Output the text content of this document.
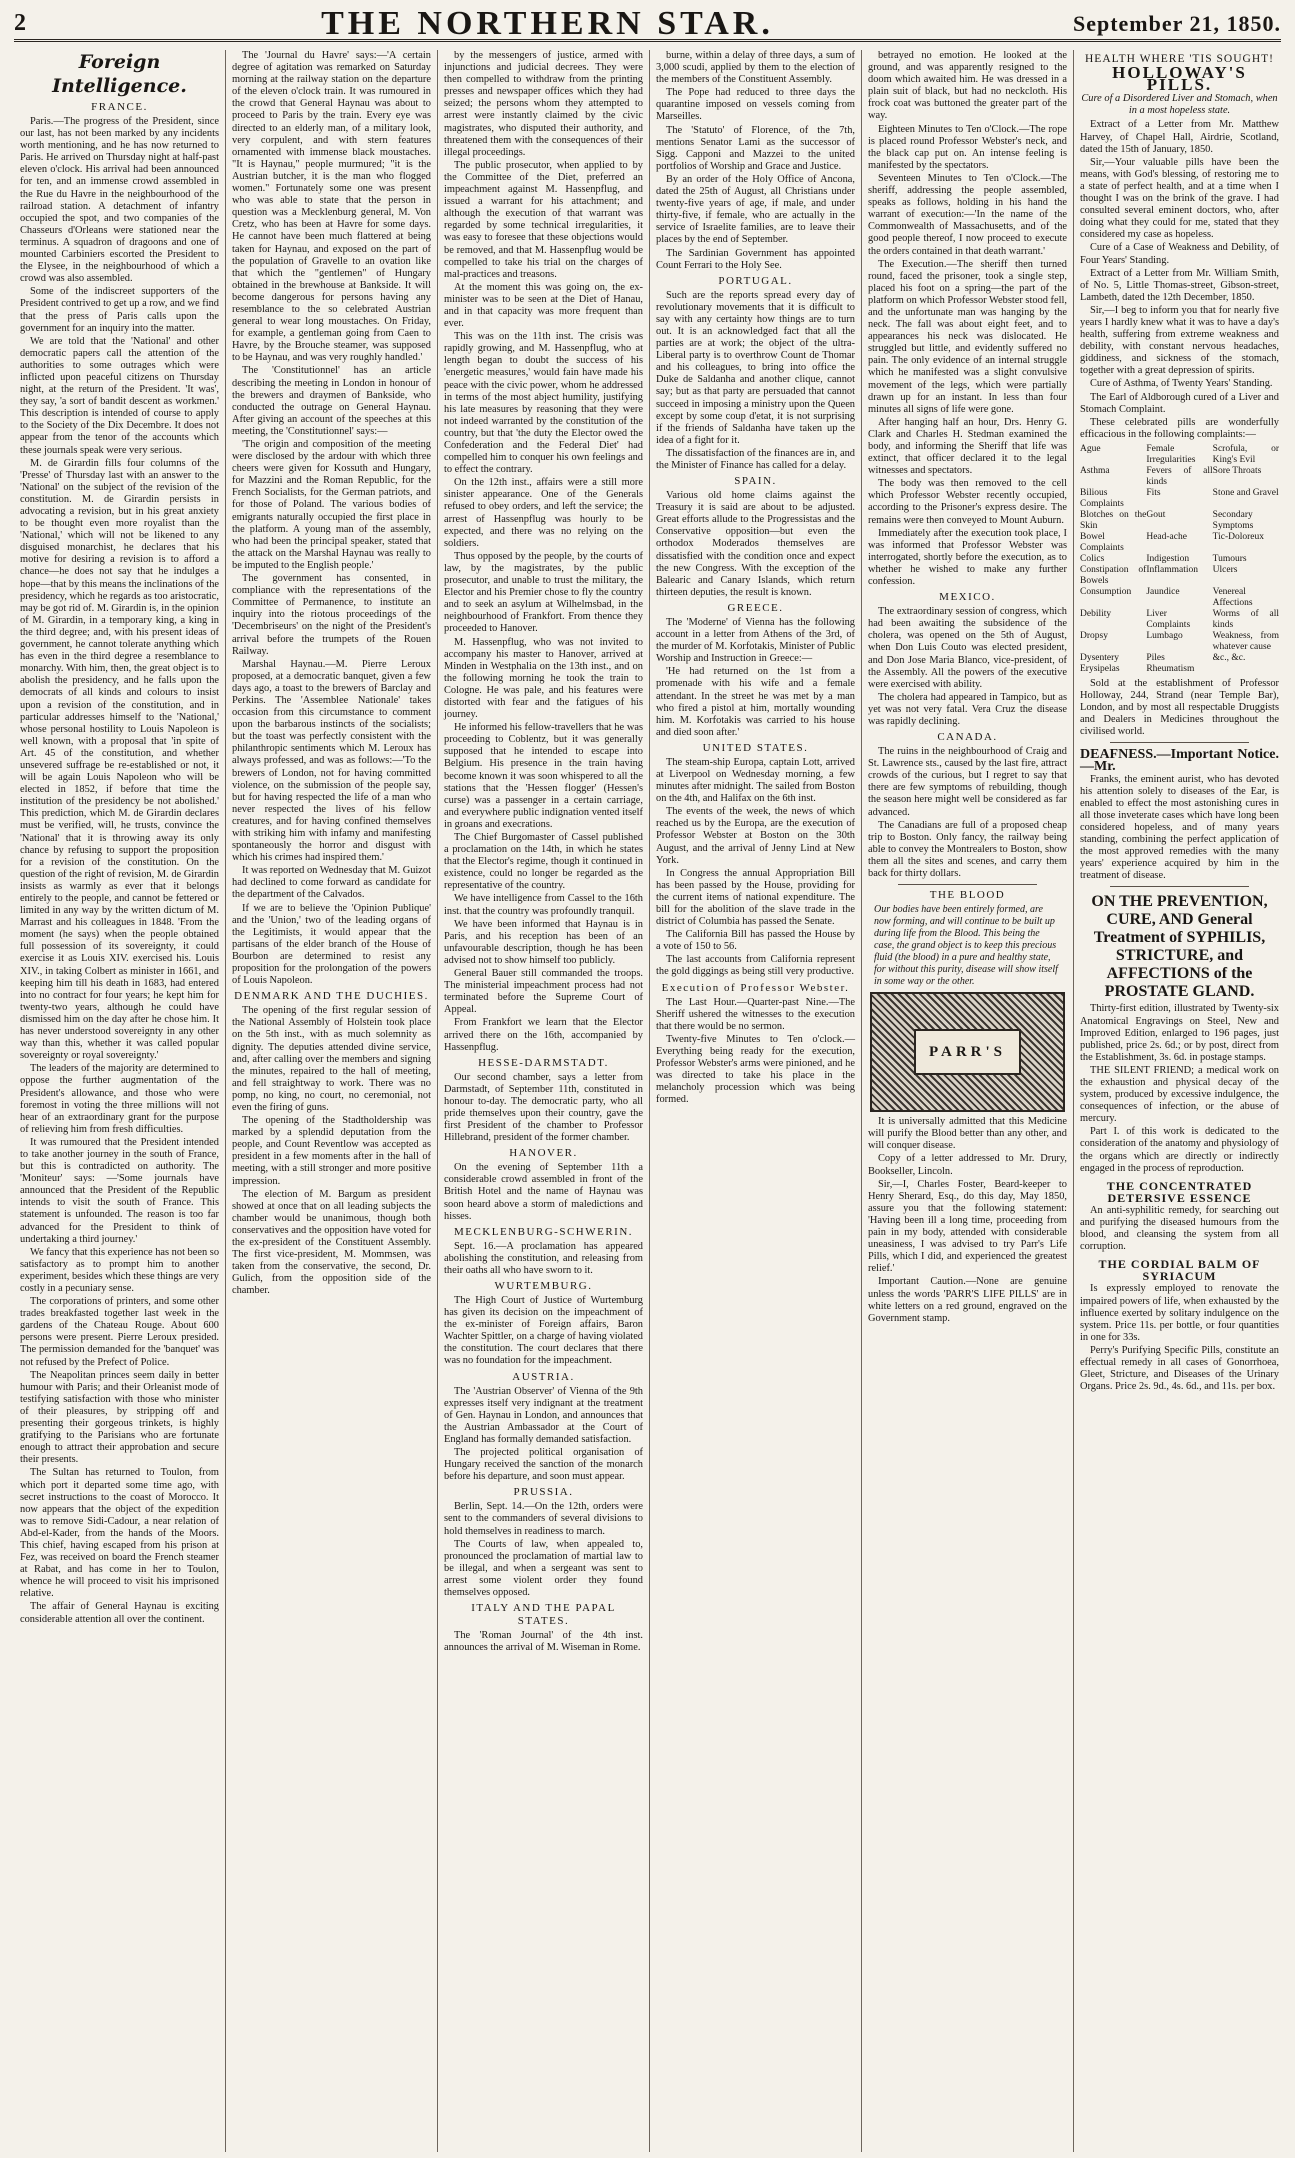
2	THE NORTHERN STAR.	September 21, 1850.
Foreign Intelligence.
FRANCE.

Paris.—The progress of the President, since our last, has not been marked by any incidents worth mentioning, and he has now returned to Paris. He arrived on Thursday night at half-past eleven o'clock. His arrival had been announced for ten, and an immense crowd assembled in the Rue du Havre in the neighbourhood of the railroad station. A detachment of infantry occupied the spot, and two companies of the Chasseurs d'Orleans were stationed near the terminus. A squadron of dragoons and one of mounted Carbiniers escorted the President to the Elysee, in the neighbourhood of which a crowd was also assembled.

Some of the indiscreet supporters of the President contrived to get up a row, and we find that the press of Paris calls upon the government for an inquiry into the matter.

We are told that the 'National' and other democratic papers call the attention of the authorities to some outrages which were inflicted upon peaceful citizens on Thursday night, at the return of the President. 'It was', they say, 'a sort of bandit descent as workmen.' This description is intended of course to apply to the Society of the Dix Decembre. It does not appear from the tenor of the accounts which these journals speak were very serious.

M. de Girardin fills four columns of the 'Presse' of Thursday last with an answer to the 'National' on the subject of the revision of the constitution. M. de Girardin persists in advocating a revision, but in his great anxiety to be thought even more royalist than the 'National,' which will not be likened to any disguised monarchist, he declares that his motive for desiring a revision is to afford a chance—he does not say that he indulges a hope—that by this means the inclinations of the presidency, which he regards as too aristocratic, may be got rid of. M. Girardin is, in the opinion of M. Girardin, in a temporary king, a king in the third degree; and, with his present ideas of government, he cannot tolerate anything which has even in the third degree a resemblance to monarchy. With him, then, the great object is to abolish the presidency, and he falls upon the democrats of all kinds and colours to insist upon a revision of the constitution, and in particular addresses himself to the 'National,' whose personal hostility to Louis Napoleon is well known, with a proposal that 'in spite of Art. 45 of the constitution, and whether unsevered suffrage be re-established or not, it will be again Louis Napoleon who will be elected in 1852, if before that time the institution of the presidency be not abolished.' This prediction, which M. de Girardin declares must be verified, will, he trusts, convince the 'National' that it is throwing away its only chance by refusing to support the proposition for a revision of the constitution. On the question of the right of revision, M. de Girardin insists as warmly as ever that it belongs entirely to the people, and cannot be fettered or limited in any way by the written dictum of M. Marrast and his colleagues in 1848. 'From the moment (he says) when the people obtained full possession of its sovereignty, it could exercise it as Louis XIV. exercised his. Louis XIV., in taking Colbert as minister in 1661, and keeping him till his death in 1683, had entered into no contract for four years; he kept him for twenty-two years, although he could have dismissed him on the day after he chose him. It has never understood sovereignty in any other way than this, whether it was called popular sovereignty or royal sovereignty.'

The leaders of the majority are determined to oppose the further augmentation of the President's allowance, and those who were foremost in voting the three millions will not hear of an extraordinary grant for the purpose of relieving him from fresh difficulties.

It was rumoured that the President intended to take another journey in the south of France, but this is contradicted on authority. The 'Moniteur' says: —'Some journals have announced that the President of the Republic intends to visit the south of France. This statement is unfounded. The reason is too far advanced for the President to think of undertaking a third journey.'

We fancy that this experience has not been so satisfactory as to prompt him to another experiment, besides which these things are very costly in a pecuniary sense.

The corporations of printers, and some other trades breakfasted together last week in the gardens of the Chateau Rouge. About 600 persons were present. Pierre Leroux presided. The permission demanded for the 'banquet' was not refused by the Prefect of Police.

The Neapolitan princes seem daily in better humour with Paris; and their Orleanist mode of testifying satisfaction with those who minister of their pleasures, by stripping off and presenting their gorgeous trinkets, is highly gratifying to the Parisians who are fortunate enough to attract their approbation and secure their presents.

The Sultan has returned to Toulon, from which port it departed some time ago, with secret instructions to the coast of Morocco. It now appears that the object of the expedition was to remove Sidi-Cadour, a near relation of Abd-el-Kader, from the hands of the Moors. This chief, having escaped from his prison at Fez, was received on board the French steamer at Rabat, and has come in her to Toulon, whence he will proceed to visit his imprisoned relative.

The affair of General Haynau is exciting considerable attention all over the continent.

The 'Journal du Havre' says:—'A certain degree of agitation was remarked on Saturday morning at the railway station on the departure of the eleven o'clock train. It was rumoured in the crowd that General Haynau was about to proceed to Paris by the train. Every eye was directed to an elderly man, of a military look, very corpulent, and with stern features ornamented with immense black moustaches. "It is Haynau," people murmured; "it is the Austrian butcher, it is the man who flogged women." Fortunately some one was present who was able to state that the person in question was a Mecklenburg general, M. Von Cretz, who has been at Havre for some days. He cannot have been much flattered at being taken for Haynau, and exposed on the part of the population of Gravelle to an ovation like that which the "gentlemen" of Hungary obtained in the brewhouse at Bankside. It will become dangerous for persons having any resemblance to the so celebrated Austrian general to wear long moustaches. On Friday, for example, a gentleman going from Caen to Havre, by the Brouche steamer, was supposed to be Haynau, and was very roughly handled.'

The 'Constitutionnel' has an article describing the meeting in London in honour of the brewers and draymen of Bankside, who conducted the outrage on General Haynau. After giving an account of the speeches at this meeting, the 'Constitutionnel' says:—

'The origin and composition of the meeting were disclosed by the ardour with which three cheers were given for Kossuth and Hungary, for Mazzini and the Roman Republic, for the French Socialists, for the German patriots, and for those of Poland. The various bodies of emigrants naturally occupied the first place in the platform. A young man of the assembly, who had been the principal speaker, stated that the attack on the Marshal Haynau was really to be imputed to the English people.'

The government has consented, in compliance with the representations of the Committee of Permanence, to institute an inquiry into the riotous proceedings of the 'Decembriseurs' on the night of the President's arrival before the trumpets of the Rouen Railway.

Marshal Haynau.—M. Pierre Leroux proposed, at a democratic banquet, given a few days ago, a toast to the brewers of Barclay and Perkins. The 'Assemblee Nationale' takes occasion from this circumstance to comment upon the barbarous instincts of the socialists; but the toast was perfectly consistent with the philanthropic sentiments which M. Leroux has always professed, and was as follows:—'To the brewers of London, not for having committed violence, on the submission of the people say, but for having respected the life of a man who never respected the lives of his fellow creatures, and for having confined themselves with striking him with infamy and manifesting spontaneously the horror and disgust with which his crimes had inspired them.'

It was reported on Wednesday that M. Guizot had declined to come forward as candidate for the department of the Calvados.

If we are to believe the 'Opinion Publique' and the 'Union,' two of the leading organs of the Legitimists, it would appear that the partisans of the elder branch of the House of Bourbon are determined to resist any proposition for the prolongation of the powers of Louis Napoleon.

DENMARK AND THE DUCHIES.

The opening of the first regular session of the National Assembly of Holstein took place on the 5th inst., with as much solemnity as dignity. The deputies attended divine service, and, after calling over the members and signing the minutes, repaired to the hall of meeting, and fell straightway to work. There was no pomp, no king, no court, no ceremonial, not even the firing of guns.

The opening of the Stadtholdership was marked by a splendid deputation from the people, and Count Reventlow was accepted as president in a few moments after in the hall of meeting, with a still stronger and more positive impression.

The election of M. Bargum as president showed at once that on all leading subjects the chamber would be unanimous, though both conservatives and the opposition have voted for the ex-president of the Constituent Assembly. The first vice-president, M. Mommsen, was taken from the conservative, the second, Dr. Gulich, from the opposition side of the chamber.

by the messengers of justice, armed with injunctions and judicial decrees. They were then compelled to withdraw from the printing presses and newspaper offices which they had seized; the persons whom they attempted to arrest were instantly claimed by the civic magistrates, who disputed their authority, and threatened them with the consequences of their illegal proceedings.

The public prosecutor, when applied to by the Committee of the Diet, preferred an impeachment against M. Hassenpflug, and issued a warrant for his attachment; and although the execution of that warrant was regarded by some technical irregularities, it was easy to foresee that these objections would be removed, and that M. Hassenpflug would be compelled to take his trial on the charges of mal-practices and treasons.

At the moment this was going on, the ex-minister was to be seen at the Diet of Hanau, and in that capacity was more frequent than ever.

This was on the 11th inst. The crisis was rapidly growing, and M. Hassenpflug, who at length began to doubt the success of his 'energetic measures,' would fain have made his peace with the civic power, whom he addressed in terms of the most abject humility, justifying his late measures by reasoning that they were not indeed warranted by the constitution of the country, but that 'the duty the Elector owed the Confederation and the Federal Diet' had compelled him to conquer his own feelings and to effect the contrary.

On the 12th inst., affairs were a still more sinister appearance. One of the Generals refused to obey orders, and left the service; the arrest of Hassenpflug was hourly to be expected, and there was no relying on the soldiers.

Thus opposed by the people, by the courts of law, by the magistrates, by the public prosecutor, and unable to trust the military, the Elector and his Premier chose to fly the country and to seek an asylum at Wilhelmsbad, in the neighbourhood of Frankfort. From thence they proceeded to Hanover.

M. Hassenpflug, who was not invited to accompany his master to Hanover, arrived at Minden in Westphalia on the 13th inst., and on the following morning he took the train to Cologne. He was pale, and his features were distorted with fear and the fatigues of his journey.

He informed his fellow-travellers that he was proceeding to Coblentz, but it was generally supposed that he intended to escape into Belgium. His presence in the train having become known it was soon whispered to all the stations that the 'Hessen flogger' (Hessen's curse) was a passenger in a certain carriage, and everywhere public indignation vented itself in groans and execrations.

The Chief Burgomaster of Cassel published a proclamation on the 14th, in which he states that the Elector's regime, though it continued in existence, could no longer be regarded as the representative of the country.

We have intelligence from Cassel to the 16th inst. that the country was profoundly tranquil.

We have been informed that Haynau is in Paris, and his reception has been of an unfavourable description, though he has been advised not to show himself too publicly.

General Bauer still commanded the troops. The ministerial impeachment process had not terminated before the Supreme Court of Appeal.

From Frankfort we learn that the Elector arrived there on the 16th, accompanied by Hassenpflug.

HESSE-DARMSTADT.

Our second chamber, says a letter from Darmstadt, of September 11th, constituted in honour to-day. The democratic party, who all pride themselves upon their country, gave the first President of the chamber to Professor Hillebrand, president of the former chamber.

HANOVER.

On the evening of September 11th a considerable crowd assembled in front of the British Hotel and the name of Haynau was soon heard above a storm of maledictions and hisses.

MECKLENBURG-SCHWERIN.

Sept. 16.—A proclamation has appeared abolishing the constitution, and releasing from their oaths all who have sworn to it.

WURTEMBURG.

The High Court of Justice of Wurtemburg has given its decision on the impeachment of the ex-minister of Foreign affairs, Baron Wachter Spittler, on a charge of having violated the constitution. The court declares that there was no foundation for the impeachment.

AUSTRIA.

The 'Austrian Observer' of Vienna of the 9th expresses itself very indignant at the treatment of Gen. Haynau in London, and announces that the Austrian Ambassador at the Court of England has formally demanded satisfaction.

The projected political organisation of Hungary received the sanction of the monarch before his departure, and soon must appear.

PRUSSIA.

Berlin, Sept. 14.—On the 12th, orders were sent to the commanders of several divisions to hold themselves in readiness to march.

The Courts of law, when appealed to, pronounced the proclamation of martial law to be illegal, and when a sergeant was sent to arrest some violent order they found themselves opposed.

ITALY AND THE PAPAL STATES.

The 'Roman Journal' of the 4th inst. announces the arrival of M. Wiseman in Rome.

burne, within a delay of three days, a sum of 3,000 scudi, applied by them to the election of the members of the Constituent Assembly.

The Pope had reduced to three days the quarantine imposed on vessels coming from Marseilles.

The 'Statuto' of Florence, of the 7th, mentions Senator Lami as the successor of Sigg. Capponi and Mazzei to the united portfolios of Worship and Grace and Justice.

By an order of the Holy Office of Ancona, dated the 25th of August, all Christians under twenty-five years of age, if male, and under thirty-five, if female, who are actually in the service of Israelite families, are to leave their places by the end of September.

The Sardinian Government has appointed Count Ferrari to the Holy See.

PORTUGAL.

Such are the reports spread every day of revolutionary movements that it is difficult to say with any certainty how things are to turn out. It is an acknowledged fact that all the parties are at work; the object of the ultra-Liberal party is to overthrow Count de Thomar and his colleagues, to bring into office the Duke de Saldanha and another clique, cannot say; but as that party are persuaded that cannot succeed in imposing a ministry upon the Queen except by some coup d'etat, it is not surprising if the friends of Saldanha have taken up the idea of a fight for it.

The dissatisfaction of the finances are in, and the Minister of Finance has called for a delay.

SPAIN.

Various old home claims against the Treasury it is said are about to be adjusted. Great efforts allude to the Progressistas and the Conservative opposition—but even the orthodox Moderados themselves are dissatisfied with the condition once and expect the new Congress. With the exception of the Balearic and Canary Islands, which return thirteen deputies, the result is known.

GREECE.

The 'Moderne' of Vienna has the following account in a letter from Athens of the 3rd, of the murder of M. Korfotakis, Minister of Public Worship and Instruction in Greece:—

'He had returned on the 1st from a promenade with his wife and a female attendant. In the street he was met by a man who fired a pistol at him, mortally wounding him. M. Korfotakis was carried to his house and died soon after.'

UNITED STATES.

The steam-ship Europa, captain Lott, arrived at Liverpool on Wednesday morning, a few minutes after midnight. The sailed from Boston on the 4th, and Halifax on the 6th inst.

The events of the week, the news of which reached us by the Europa, are the execution of Professor Webster at Boston on the 30th August, and the arrival of Jenny Lind at New York.

In Congress the annual Appropriation Bill has been passed by the House, providing for the current items of national expenditure. The bill for the abolition of the slave trade in the district of Columbia has passed the Senate.

The California Bill has passed the House by a vote of 150 to 56.

The last accounts from California represent the gold diggings as being still very productive.

Execution of Professor Webster.

The Last Hour.—Quarter-past Nine.—The Sheriff ushered the witnesses to the execution that there would be no sermon.

Twenty-five Minutes to Ten o'clock.—Everything being ready for the execution, Professor Webster's arms were pinioned, and he was directed to take his place in the melancholy procession which was being formed.

betrayed no emotion. He looked at the ground, and was apparently resigned to the doom which awaited him. He was dressed in a plain suit of black, but had no neckcloth. His frock coat was buttoned the greater part of the way.

Eighteen Minutes to Ten o'Clock.—The rope is placed round Professor Webster's neck, and the black cap put on. An intense feeling is manifested by the spectators.

Seventeen Minutes to Ten o'Clock.—The sheriff, addressing the people assembled, speaks as follows, holding in his hand the warrant of execution:—'In the name of the Commonwealth of Massachusetts, and of the good people thereof, I now proceed to execute the orders contained in that death warrant.'

The Execution.—The sheriff then turned round, faced the prisoner, took a single step, placed his foot on a spring—the part of the platform on which Professor Webster stood fell, and the unfortunate man was hanging by the neck. The fall was about eight feet, and to appearances his neck was dislocated. He struggled but little, and evidently suffered no pain. The only evidence of an internal struggle which he manifested was a slight convulsive movement of the legs, which were partially drawn up for an instant. In less than four minutes all signs of life were gone.

After hanging half an hour, Drs. Henry G. Clark and Charles H. Stedman examined the body, and informing the Sheriff that life was extinct, that officer declared it to the legal witnesses and spectators.

The body was then removed to the cell which Professor Webster recently occupied, according to the Prisoner's express desire. The remains were then conveyed to Mount Auburn.

Immediately after the execution took place, I was informed that Professor Webster was interrogated, shortly before the execution, as to whether he wished to make any further confession.

MEXICO.

The extraordinary session of congress, which had been awaiting the subsidence of the cholera, was opened on the 5th of August, when Don Luis Couto was elected president, and Don Jose Maria Blanco, vice-president, of the Assembly. All the powers of the executive were exercised with ability.

The cholera had appeared in Tampico, but as yet was not very fatal. Vera Cruz the disease was rapidly declining.

CANADA.

The ruins in the neighbourhood of Craig and St. Lawrence sts., caused by the last fire, attract crowds of the curious, but I regret to say that there are few symptoms of rebuilding, though the season here might well be considered as far advanced.

The Canadians are full of a proposed cheap trip to Boston. Only fancy, the railway being able to convey the Montrealers to Boston, show them all the sites and scenes, and carry them back for thirty dollars.

THE BLOOD
Our bodies have been entirely formed, are now forming, and will continue to be built up during life from the Blood. This being the case, the grand object is to keep this precious fluid (the blood) in a pure and healthy state, for without this purity, disease will show itself in some way or the other.
PARR'S

It is universally admitted that this Medicine will purify the Blood better than any other, and will conquer disease.

Copy of a letter addressed to Mr. Drury, Bookseller, Lincoln.

Sir,—I, Charles Foster, Beard-keeper to Henry Sherard, Esq., do this day, May 1850, assure you that the following statement: 'Having been ill a long time, proceeding from pain in my body, attended with considerable uneasiness, I was advised to try Parr's Life Pills, which I did, and experienced the greatest relief.'

Important Caution.—None are genuine unless the words 'PARR'S LIFE PILLS' are in white letters on a red ground, engraved on the Government stamp.

HEALTH WHERE 'TIS SOUGHT!
HOLLOWAY'S PILLS.
Cure of a Disordered Liver and Stomach, when in a most hopeless state.

Extract of a Letter from Mr. Matthew Harvey, of Chapel Hall, Airdrie, Scotland, dated the 15th of January, 1850.

Sir,—Your valuable pills have been the means, with God's blessing, of restoring me to a state of perfect health, and at a time when I thought I was on the brink of the grave. I had consulted several eminent doctors, who, after doing what they could for me, stated that they considered my case as hopeless.

Cure of a Case of Weakness and Debility, of Four Years' Standing.

Extract of a Letter from Mr. William Smith, of No. 5, Little Thomas-street, Gibson-street, Lambeth, dated the 12th December, 1850.

Sir,—I beg to inform you that for nearly five years I hardly knew what it was to have a day's health, suffering from extreme weakness and debility, with constant nervous headaches, giddiness, and sickness of the stomach, together with a great depression of spirits.

Cure of Asthma, of Twenty Years' Standing.

The Earl of Aldborough cured of a Liver and Stomach Complaint.

These celebrated pills are wonderfully efficacious in the following complaints:—

Ague	Female Irregularities
Scrofula, or King's Evil
Asthma	Fevers of all kinds
Sore Throats
Bilious Complaints
Fits	Stone and Gravel
Blotches on the Skin
Gout	Secondary Symptoms
Bowel Complaints
Head-ache	Tic-Doloreux
Colics	Indigestion	Tumours
Constipation of Bowels
Inflammation	Ulcers
Consumption	Jaundice	Venereal Affections
Debility	Liver Complaints
Worms of all kinds
Dropsy	Lumbago	Weakness, from whatever cause
Dysentery	Piles	&c., &c.
Erysipelas	Rheumatism
Sold at the establishment of Professor Holloway, 244, Strand (near Temple Bar), London, and by most all respectable Druggists and Dealers in Medicines throughout the civilised world.
DEAFNESS.—Important Notice.—Mr.

Franks, the eminent aurist, who has devoted his attention solely to diseases of the Ear, is enabled to effect the most astonishing cures in all those inveterate cases which have long been considered hopeless, and of many years standing, combining the perfect application of the most approved remedies with the many years' experience acquired by him in the treatment of disease.

ON THE PREVENTION, CURE, AND General Treatment of SYPHILIS, STRICTURE, and AFFECTIONS of the PROSTATE GLAND.

Thirty-first edition, illustrated by Twenty-six Anatomical Engravings on Steel, New and Improved Edition, enlarged to 196 pages, just published, price 2s. 6d.; or by post, direct from the Establishment, 3s. 6d. in postage stamps.

THE SILENT FRIEND; a medical work on the exhaustion and physical decay of the system, produced by excessive indulgence, the consequences of infection, or the abuse of mercury.

Part I. of this work is dedicated to the consideration of the anatomy and physiology of the organs which are directly or indirectly engaged in the process of reproduction.

THE CONCENTRATED DETERSIVE ESSENCE

An anti-syphilitic remedy, for searching out and purifying the diseased humours from the blood, and cleansing the system from all corruption.

THE CORDIAL BALM OF SYRIACUM

Is expressly employed to renovate the impaired powers of life, when exhausted by the influence exerted by solitary indulgence on the system. Price 11s. per bottle, or four quantities in one for 33s.

Perry's Purifying Specific Pills, constitute an effectual remedy in all cases of Gonorrhoea, Gleet, Stricture, and Diseases of the Urinary Organs. Price 2s. 9d., 4s. 6d., and 11s. per box.
